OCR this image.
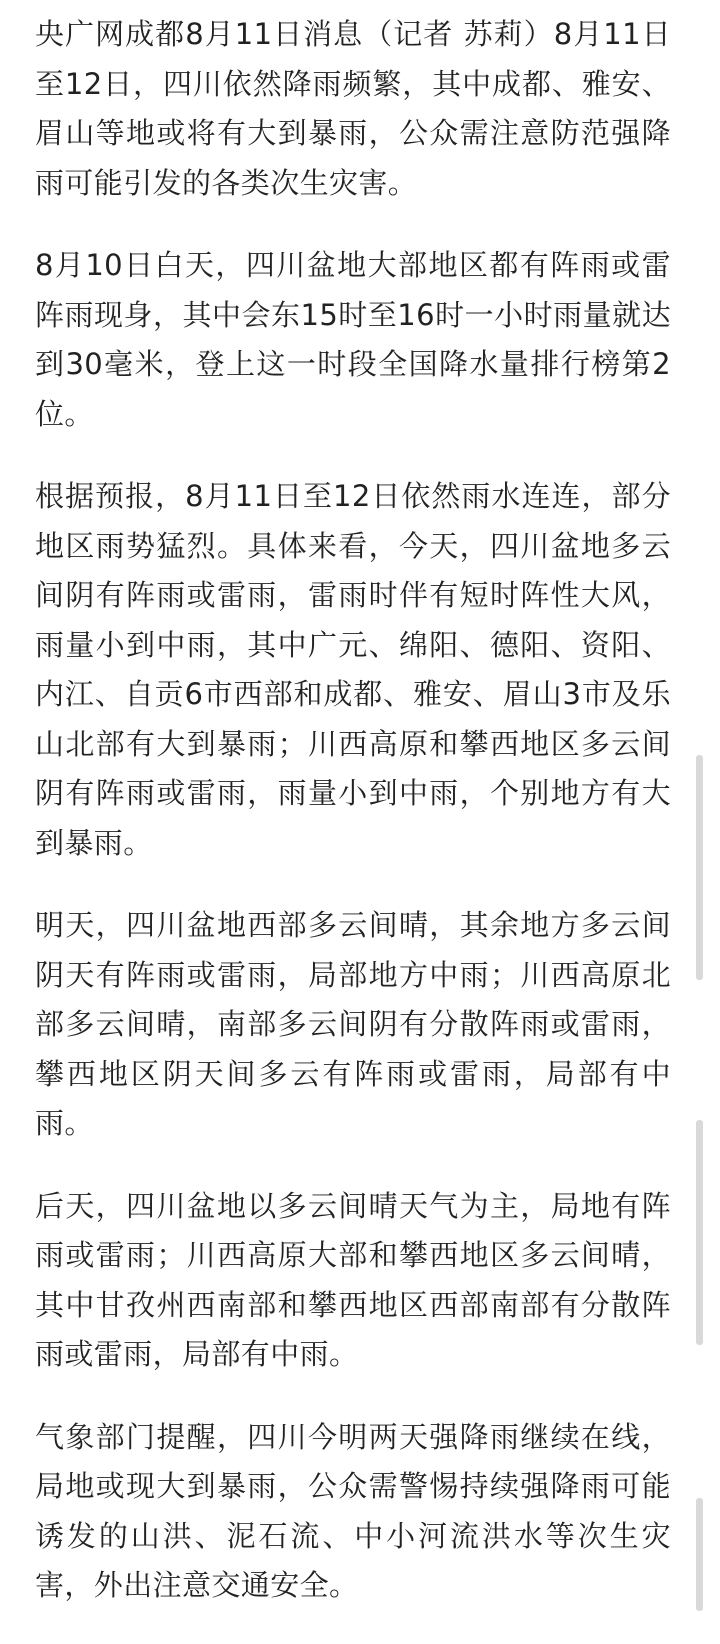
央广网成都8月11日消息（记者 苏莉）8月11日至12日，四川依然降雨频繁，其中成都、雅安、眉山等地或将有大到暴雨，公众需注意防范强降雨可能引发的各类次生灾害。

8月10日白天，四川盆地大部地区都有阵雨或雷阵雨现身，其中会东15时至16时一小时雨量就达到30毫米，登上这一时段全国降水量排行榜第2位。

根据预报，8月11日至12日依然雨水连连，部分地区雨势猛烈。具体来看，今天，四川盆地多云间阴有阵雨或雷雨，雷雨时伴有短时阵性大风，雨量小到中雨，其中广元、绵阳、德阳、资阳、内江、自贡6市西部和成都、雅安、眉山3市及乐山北部有大到暴雨；川西高原和攀西地区多云间阴有阵雨或雷雨，雨量小到中雨，个别地方有大到暴雨。

明天，四川盆地西部多云间晴，其余地方多云间阴天有阵雨或雷雨，局部地方中雨；川西高原北部多云间晴，南部多云间阴有分散阵雨或雷雨，攀西地区阴天间多云有阵雨或雷雨，局部有中雨。

后天，四川盆地以多云间晴天气为主，局地有阵雨或雷雨；川西高原大部和攀西地区多云间晴，其中甘孜州西南部和攀西地区西部南部有分散阵雨或雷雨，局部有中雨。

气象部门提醒，四川今明两天强降雨继续在线，局地或现大到暴雨，公众需警惕持续强降雨可能诱发的山洪、泥石流、中小河流洪水等次生灾害，外出注意交通安全。
